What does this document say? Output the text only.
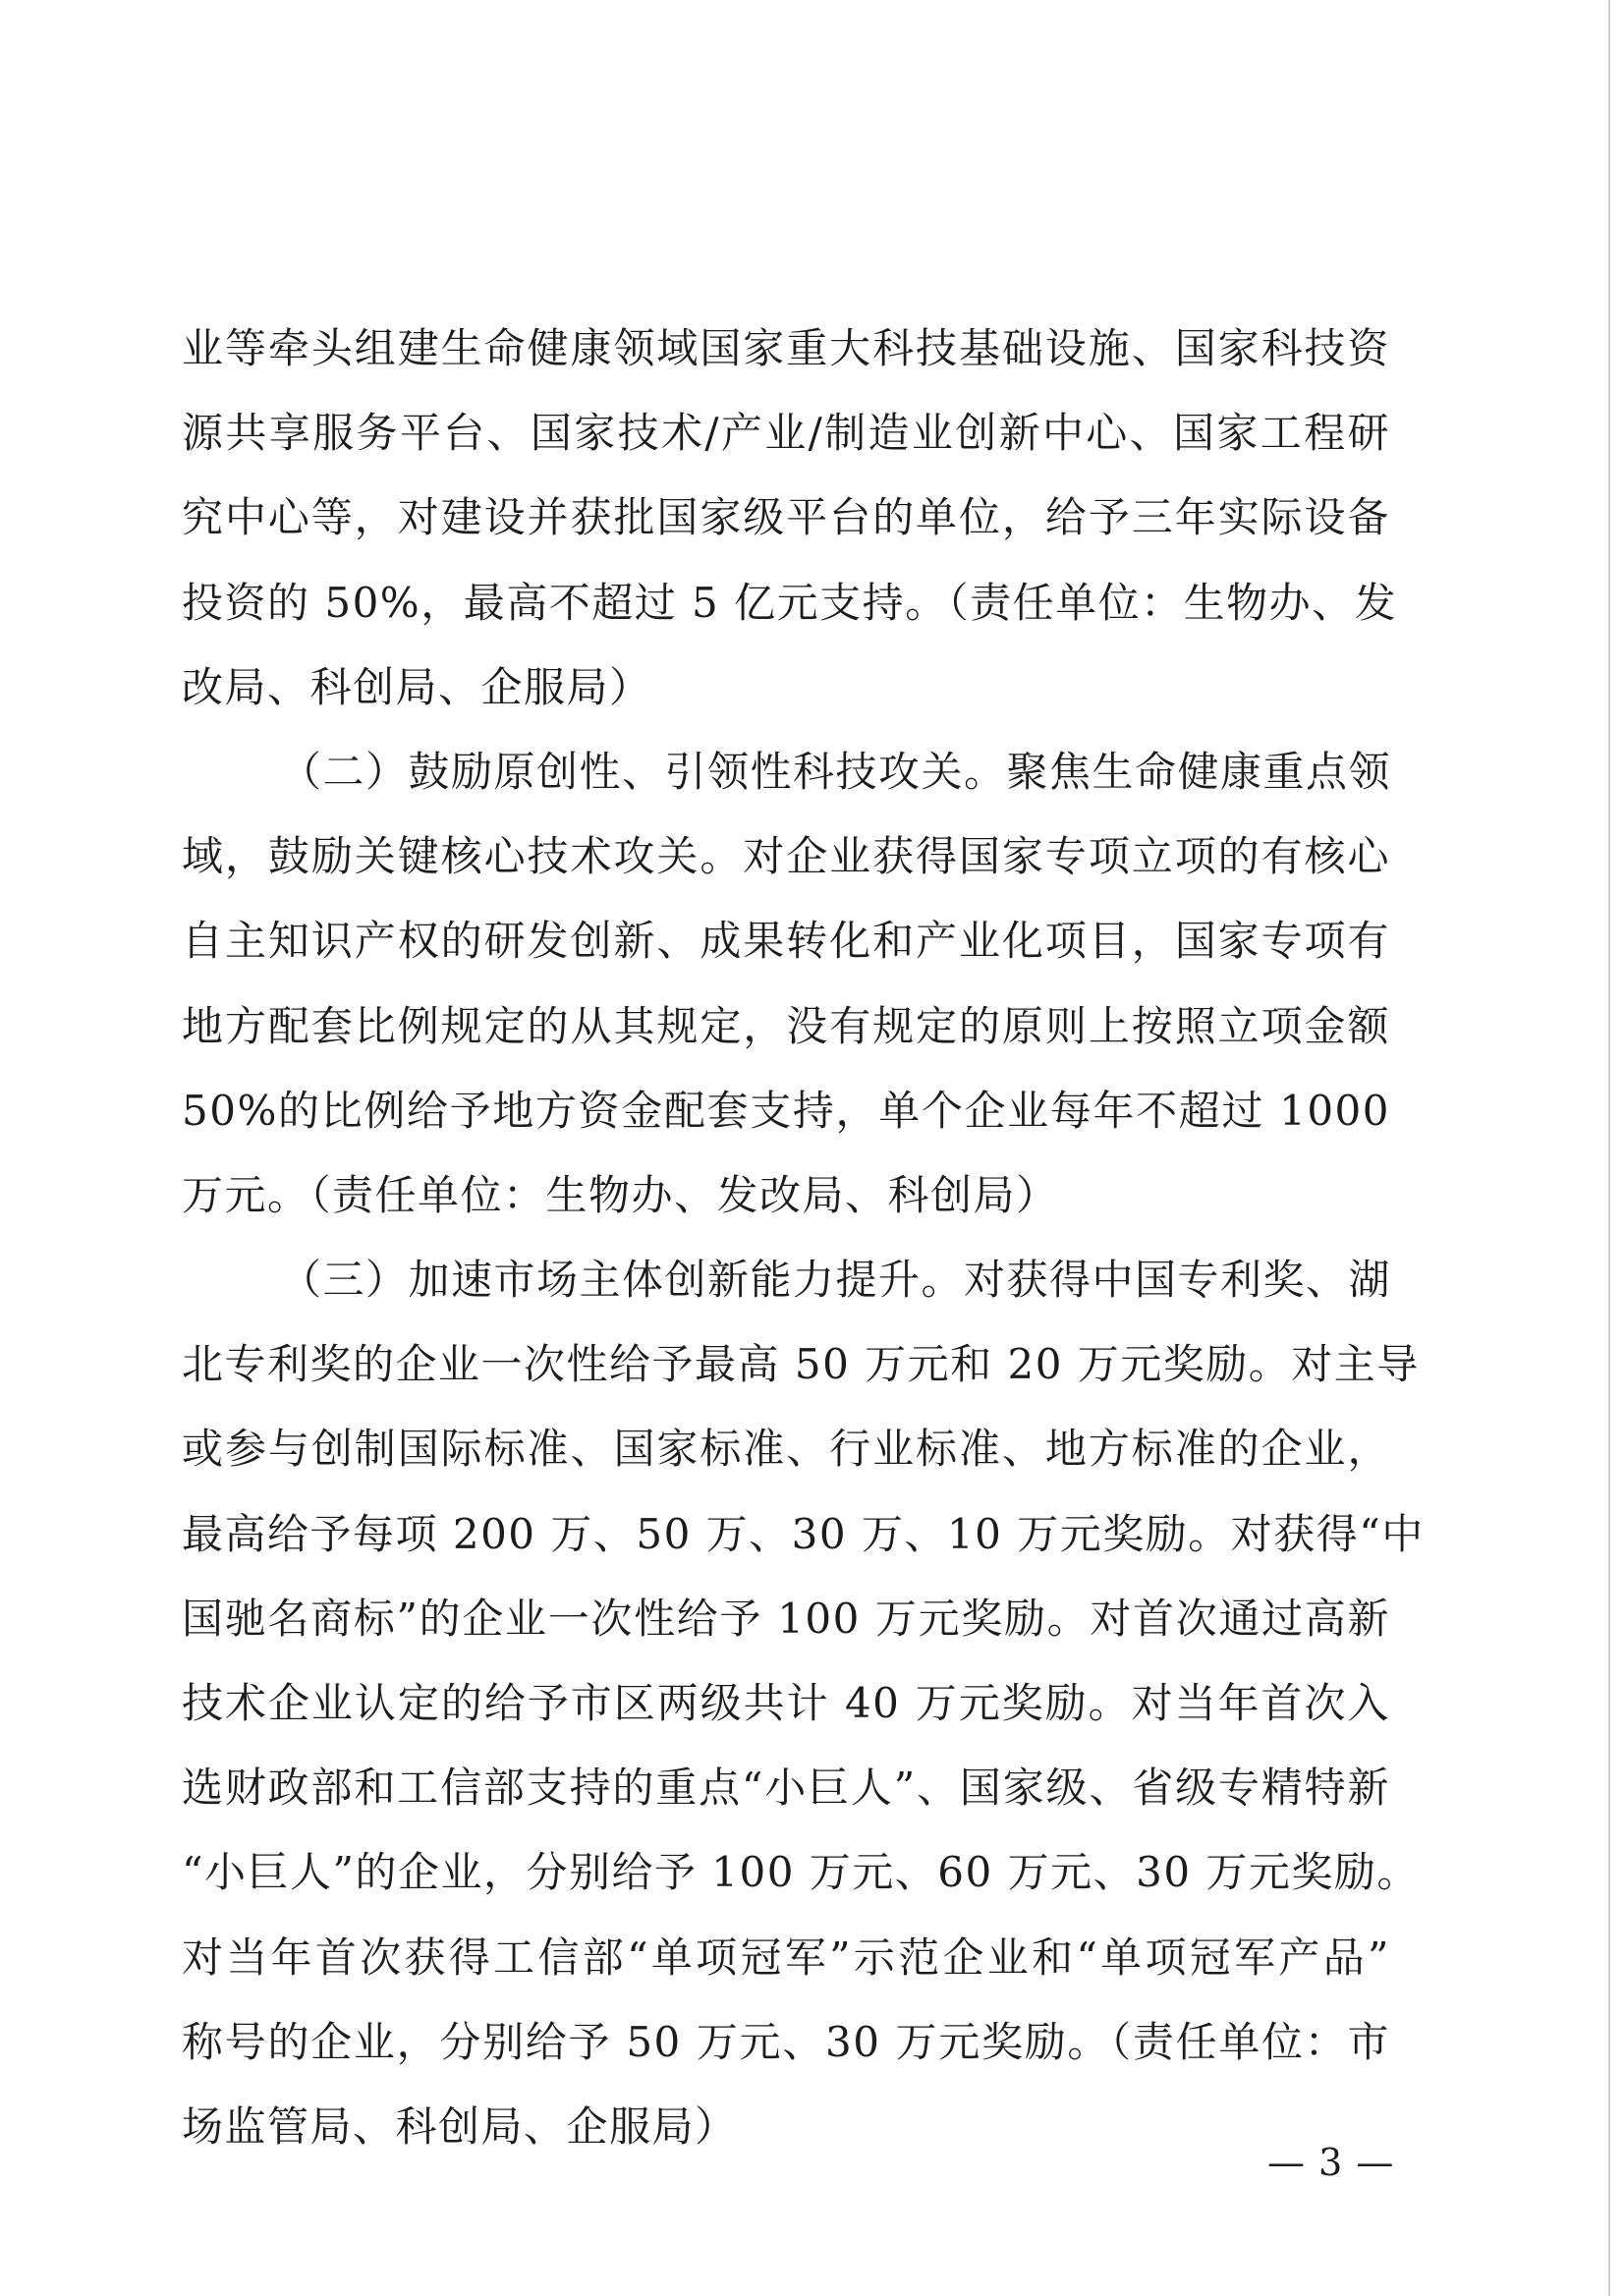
业等牵头组建生命健康领域国家重大科技基础设施、国家科技资
源共享服务平台、国家技术/产业/制造业创新中心、国家工程研
究中心等，对建设并获批国家级平台的单位，给予三年实际设备
投资的 50%，最高不超过 5 亿元支持。（责任单位：生物办、发
改局、科创局、企服局）
（二）鼓励原创性、引领性科技攻关。聚焦生命健康重点领
域，鼓励关键核心技术攻关。对企业获得国家专项立项的有核心
自主知识产权的研发创新、成果转化和产业化项目，国家专项有
地方配套比例规定的从其规定，没有规定的原则上按照立项金额
50%的比例给予地方资金配套支持，单个企业每年不超过 1000
万元。（责任单位：生物办、发改局、科创局）
（三）加速市场主体创新能力提升。对获得中国专利奖、湖
北专利奖的企业一次性给予最高 50 万元和 20 万元奖励。对主导
或参与创制国际标准、国家标准、行业标准、地方标准的企业，
最高给予每项 200 万、50 万、30 万、10 万元奖励。对获得“中
国驰名商标”的企业一次性给予 100 万元奖励。对首次通过高新
技术企业认定的给予市区两级共计 40 万元奖励。对当年首次入
选财政部和工信部支持的重点“小巨人”、国家级、省级专精特新
“小巨人”的企业，分别给予 100 万元、60 万元、30 万元奖励。
对当年首次获得工信部“单项冠军”示范企业和“单项冠军产品”
称号的企业，分别给予 50 万元、30 万元奖励。（责任单位：市
场监管局、科创局、企服局）
— 3 —
